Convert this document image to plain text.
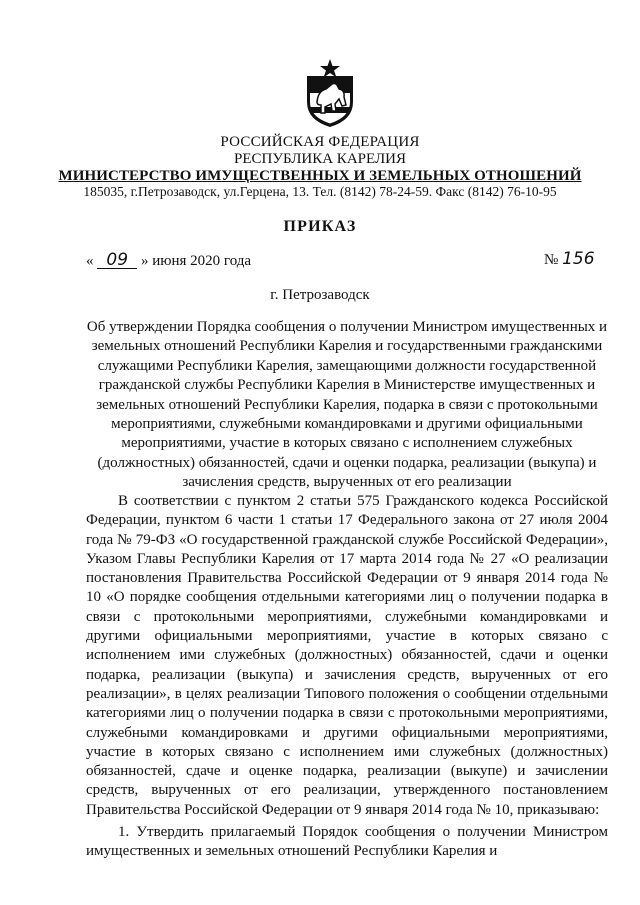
РОССИЙСКАЯ ФЕДЕРАЦИЯ
РЕСПУБЛИКА КАРЕЛИЯ
МИНИСТЕРСТВО ИМУЩЕСТВЕННЫХ И ЗЕМЕЛЬНЫХ ОТНОШЕНИЙ
185035, г.Петрозаводск, ул.Герцена, 13. Тел. (8142) 78-24-59. Факс (8142) 76-10-95
ПРИКАЗ
« 09 » июня 2020 года	№ 156
г. Петрозаводск
Об утверждении Порядка сообщения о получении Министром имущественных и земельных отношений Республики Карелия и государственными гражданскими служащими Республики Карелия, замещающими должности государственной гражданской службы Республики Карелия в Министерстве имущественных и земельных отношений Республики Карелия, подарка в связи с протокольными мероприятиями, служебными командировками и другими официальными мероприятиями, участие в которых связано с исполнением служебных (должностных) обязанностей, сдачи и оценки подарка, реализации (выкупа) и зачисления средств, вырученных от его реализации

В соответствии с пунктом 2 статьи 575 Гражданского кодекса Российской Федерации, пунктом 6 части 1 статьи 17 Федерального закона от 27 июля 2004 года № 79-ФЗ «О государственной гражданской службе Российской Федерации», Указом Главы Республики Карелия от 17 марта 2014 года № 27 «О реализации постановления Правительства Российской Федерации от 9 января 2014 года № 10 «О порядке сообщения отдельными категориями лиц о получении подарка в связи с протокольными мероприятиями, служебными командировками и другими официальными мероприятиями, участие в которых связано с исполнением ими служебных (должностных) обязанностей, сдачи и оценки подарка, реализации (выкупа) и зачисления средств, вырученных от его реализации», в целях реализации Типового положения о сообщении отдельными категориями лиц о получении подарка в связи с протокольными мероприятиями, служебными командировками и другими официальными мероприятиями, участие в которых связано с исполнением ими служебных (должностных) обязанностей, сдаче и оценке подарка, реализации (выкупе) и зачислении средств, вырученных от его реализации, утвержденного постановлением Правительства Российской Федерации от 9 января 2014 года № 10, приказываю:

1. Утвердить прилагаемый Порядок сообщения о получении Министром имущественных и земельных отношений Республики Карелия и
